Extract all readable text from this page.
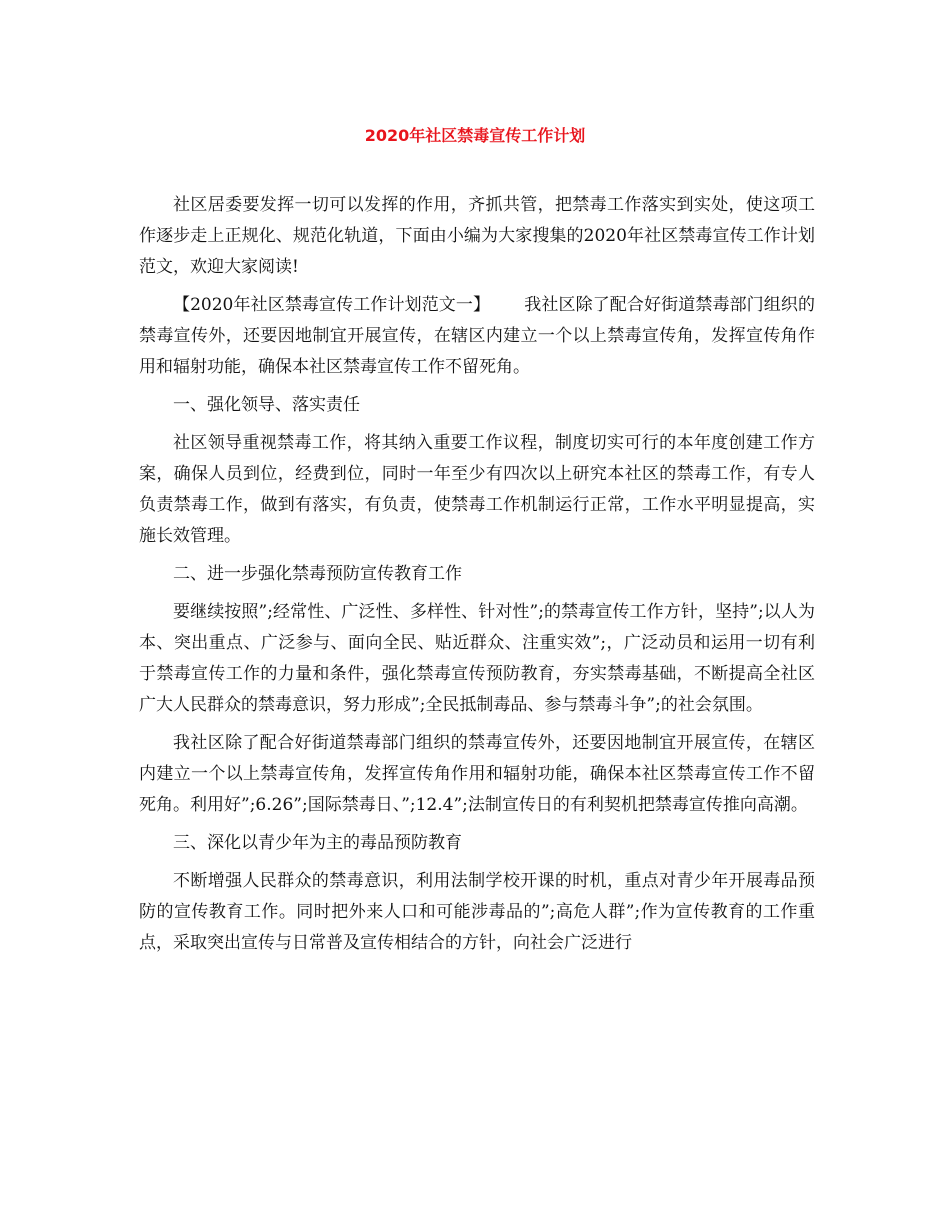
2020年社区禁毒宣传工作计划

社区居委要发挥一切可以发挥的作用，齐抓共管，把禁毒工作落实到实处，使这项工作逐步走上正规化、规范化轨道，下面由小编为大家搜集的2020年社区禁毒宣传工作计划范文，欢迎大家阅读!

【2020年社区禁毒宣传工作计划范文一】 我社区除了配合好街道禁毒部门组织的禁毒宣传外，还要因地制宜开展宣传，在辖区内建立一个以上禁毒宣传角，发挥宣传角作用和辐射功能，确保本社区禁毒宣传工作不留死角。

一、强化领导、落实责任

社区领导重视禁毒工作，将其纳入重要工作议程，制度切实可行的本年度创建工作方案，确保人员到位，经费到位，同时一年至少有四次以上研究本社区的禁毒工作，有专人负责禁毒工作，做到有落实，有负责，使禁毒工作机制运行正常，工作水平明显提高，实施长效管理。

二、进一步强化禁毒预防宣传教育工作

要继续按照”;经常性、广泛性、多样性、针对性”;的禁毒宣传工作方针，坚持”;以人为本、突出重点、广泛参与、面向全民、贴近群众、注重实效”;，广泛动员和运用一切有利于禁毒宣传工作的力量和条件，强化禁毒宣传预防教育，夯实禁毒基础，不断提高全社区广大人民群众的禁毒意识，努力形成”;全民抵制毒品、参与禁毒斗争”;的社会氛围。

我社区除了配合好街道禁毒部门组织的禁毒宣传外，还要因地制宜开展宣传，在辖区内建立一个以上禁毒宣传角，发挥宣传角作用和辐射功能，确保本社区禁毒宣传工作不留死角。利用好”;6.26”;国际禁毒日、”;12.4”;法制宣传日的有利契机把禁毒宣传推向高潮。

三、深化以青少年为主的毒品预防教育

不断增强人民群众的禁毒意识，利用法制学校开课的时机，重点对青少年开展毒品预防的宣传教育工作。同时把外来人口和可能涉毒品的”;高危人群”;作为宣传教育的工作重点，采取突出宣传与日常普及宣传相结合的方针，向社会广泛进行
